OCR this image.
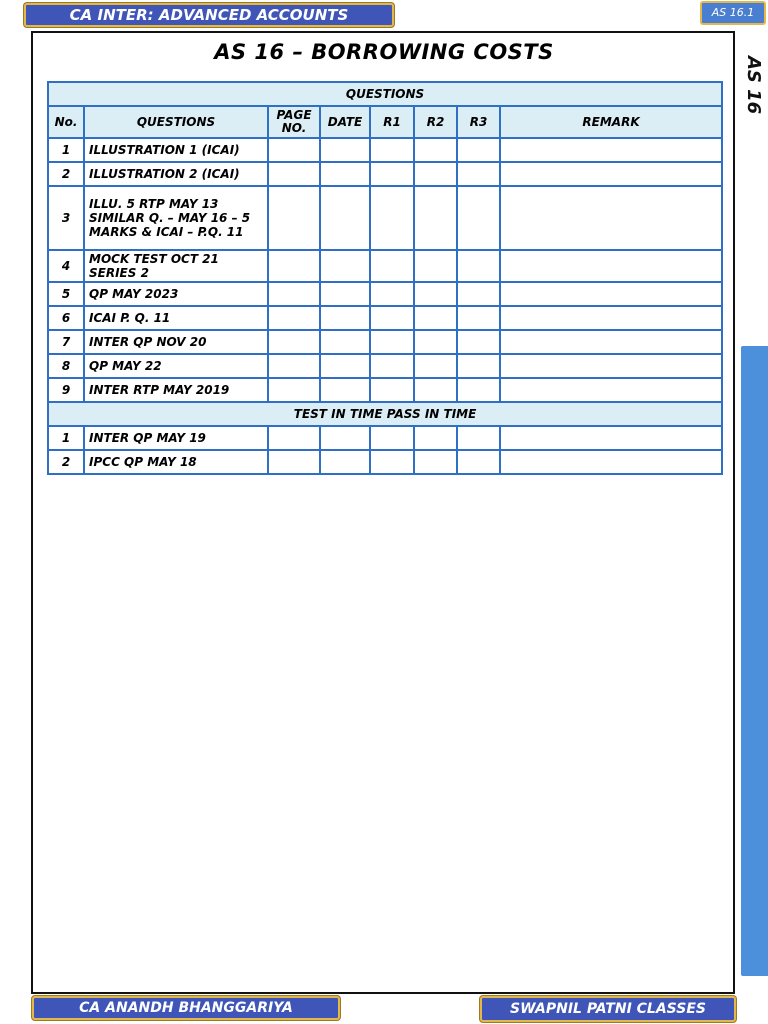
CA INTER: ADVANCED ACCOUNTS	AS 16.1
AS 16
AS 16 – BORROWING COSTS
QUESTIONS							
No.	QUESTIONS	PAGE NO.	DATE	R1	R2	R3	REMARK
1	ILLUSTRATION 1 (ICAI)						
2	ILLUSTRATION 2 (ICAI)						
3	ILLU. 5 RTP MAY 13 SIMILAR Q. – MAY 16 – 5 MARKS & ICAI – P.Q. 11						
4	MOCK TEST OCT 21 SERIES 2						
5	QP MAY 2023						
6	ICAI P. Q. 11						
7	INTER QP NOV 20						
8	QP MAY 22						
9	INTER RTP MAY 2019						
TEST IN TIME PASS IN TIME							
1	INTER QP MAY 19						
2	IPCC QP MAY 18						
CA ANANDH BHANGGARIYA	SWAPNIL PATNI CLASSES
